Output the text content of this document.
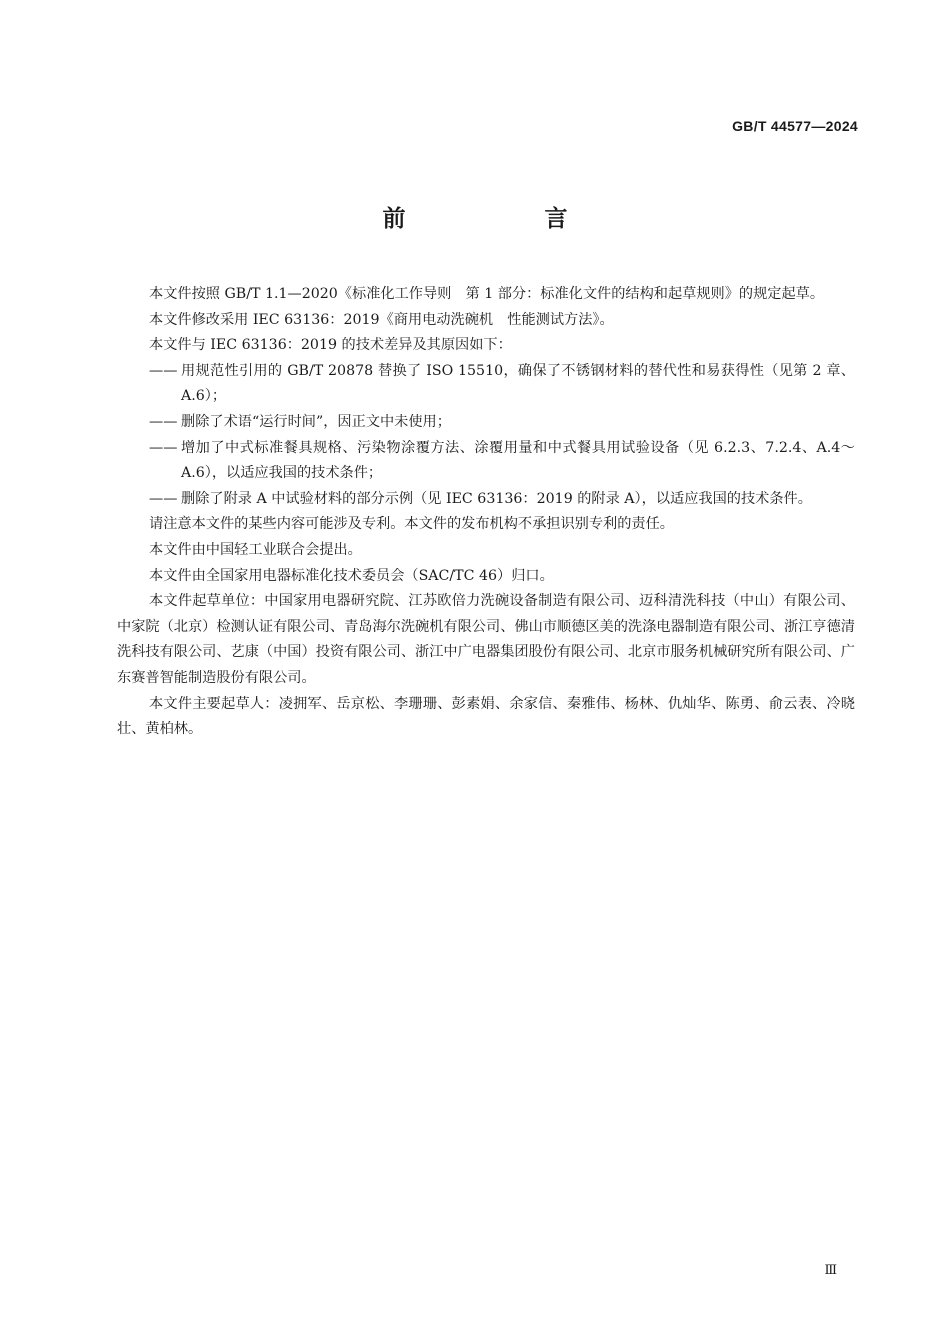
GB/T 44577—2024
前　言

本文件按照 GB/T 1.1—2020《标准化工作导则　第 1 部分：标准化文件的结构和起草规则》的规定起草。

本文件修改采用 IEC 63136：2019《商用电动洗碗机　性能测试方法》。

本文件与 IEC 63136：2019 的技术差异及其原因如下：

—— 用规范性引用的 GB/T 20878 替换了 ISO 15510，确保了不锈钢材料的替代性和易获得性（见第 2 章、A.6）；

—— 删除了术语“运行时间”，因正文中未使用；

—— 增加了中式标准餐具规格、污染物涂覆方法、涂覆用量和中式餐具用试验设备（见 6.2.3、7.2.4、A.4～A.6），以适应我国的技术条件；

—— 删除了附录 A 中试验材料的部分示例（见 IEC 63136：2019 的附录 A），以适应我国的技术条件。

请注意本文件的某些内容可能涉及专利。本文件的发布机构不承担识别专利的责任。

本文件由中国轻工业联合会提出。

本文件由全国家用电器标准化技术委员会（SAC/TC 46）归口。

本文件起草单位：中国家用电器研究院、江苏欧倍力洗碗设备制造有限公司、迈科清洗科技（中山）有限公司、中家院（北京）检测认证有限公司、青岛海尔洗碗机有限公司、佛山市顺德区美的洗涤电器制造有限公司、浙江亨德清洗科技有限公司、艺康（中国）投资有限公司、浙江中广电器集团股份有限公司、北京市服务机械研究所有限公司、广东赛普智能制造股份有限公司。

本文件主要起草人：凌拥军、岳京松、李珊珊、彭素娟、余家信、秦雅伟、杨林、仇灿华、陈勇、俞云表、冷晓壮、黄柏林。

Ⅲ
